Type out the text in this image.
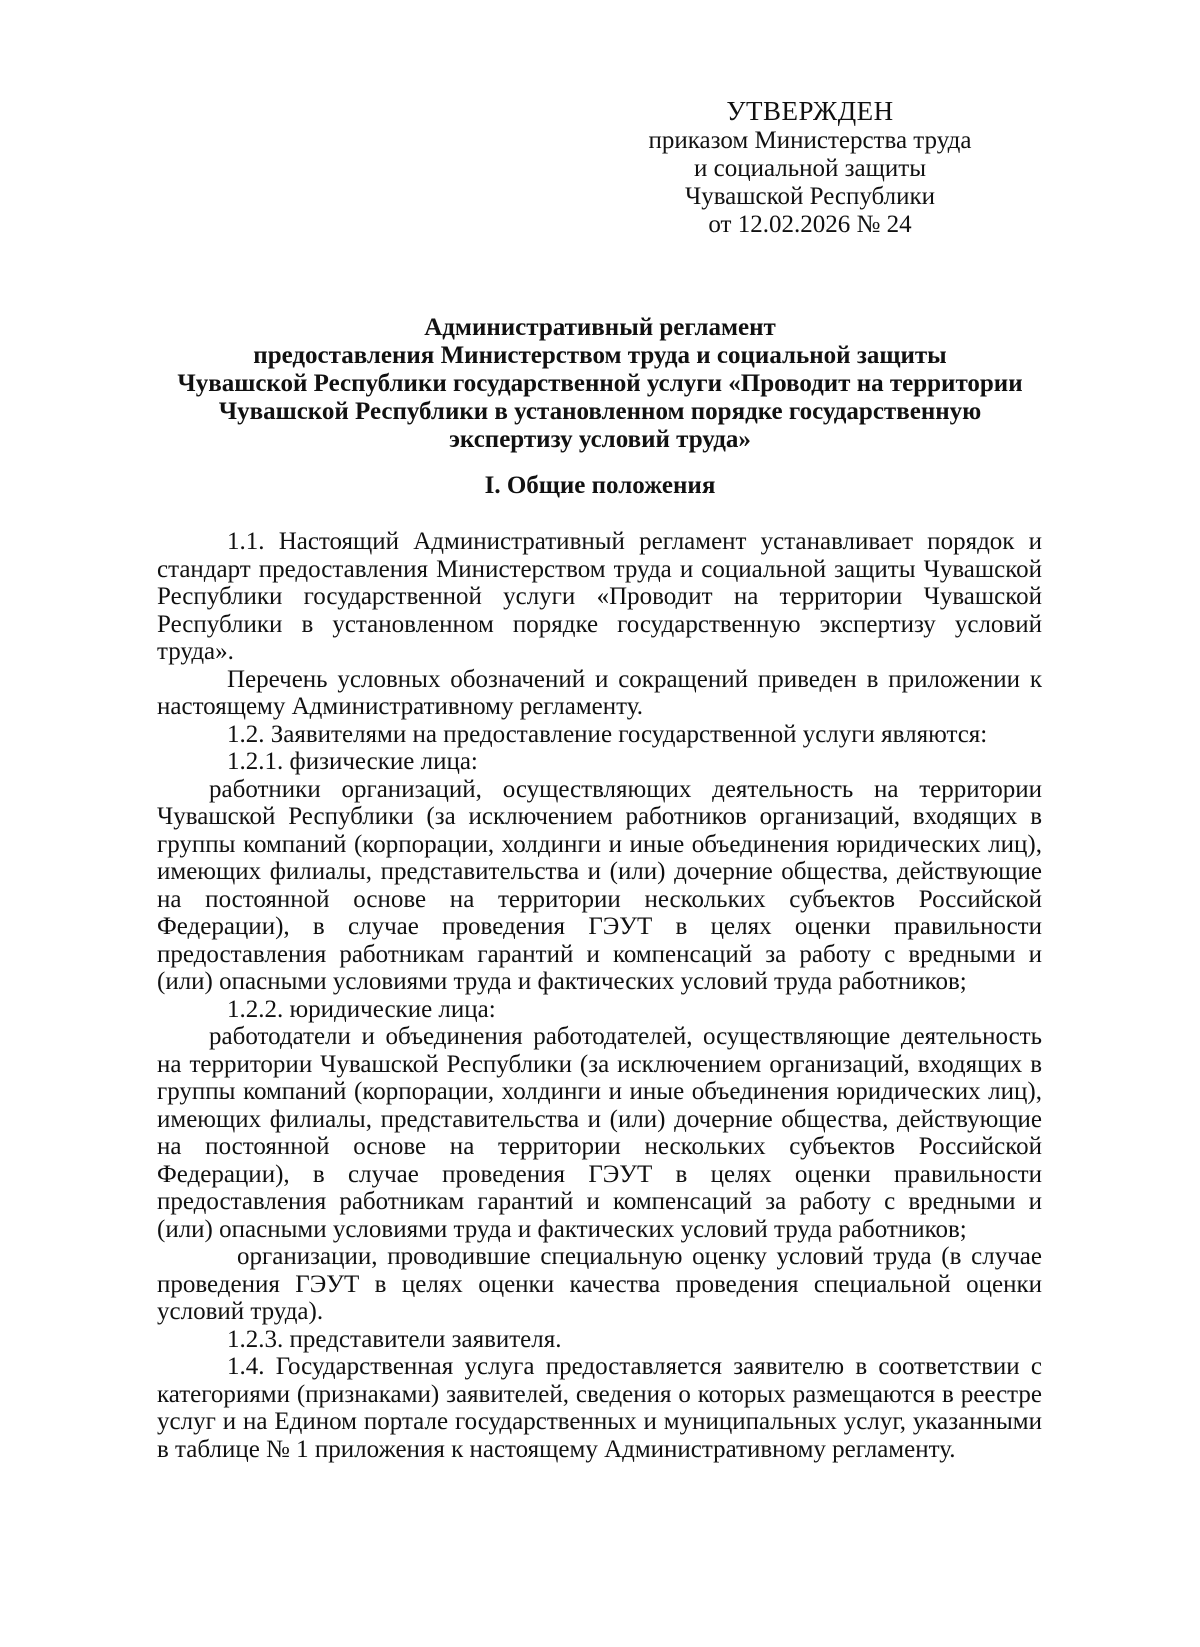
УТВЕРЖДЕН
приказом Министерства труда
и социальной защиты
Чувашской Республики
от 12.02.2026 № 24
Административный регламент
предоставления Министерством труда и социальной защиты
Чувашской Республики государственной услуги «Проводит на территории
Чувашской Республики в установленном порядке государственную
экспертизу условий труда»
I. Общие положения

1.1. Настоящий Административный регламент устанавливает порядок и стандарт предоставления Министерством труда и социальной защиты Чувашской Республики государственной услуги «Проводит на территории Чувашской Республики в установленном порядке государственную экспертизу условий труда».

Перечень условных обозначений и сокращений приведен в приложении к настоящему Административному регламенту.

1.2. Заявителями на предоставление государственной услуги являются:

1.2.1. физические лица:

работники организаций, осуществляющих деятельность на территории Чувашской Республики (за исключением работников организаций, входящих в группы компаний (корпорации, холдинги и иные объединения юридических лиц), имеющих филиалы, представительства и (или) дочерние общества, действующие на постоянной основе на территории нескольких субъектов Российской Федерации), в случае проведения ГЭУТ в целях оценки правильности предоставления работникам гарантий и компенсаций за работу с вредными и (или) опасными условиями труда и фактических условий труда работников;

1.2.2. юридические лица:

работодатели и объединения работодателей, осуществляющие деятельность на территории Чувашской Республики (за исключением организаций, входящих в группы компаний (корпорации, холдинги и иные объединения юридических лиц), имеющих филиалы, представительства и (или) дочерние общества, действующие на постоянной основе на территории нескольких субъектов Российской Федерации), в случае проведения ГЭУТ в целях оценки правильности предоставления работникам гарантий и компенсаций за работу с вредными и (или) опасными условиями труда и фактических условий труда работников;

организации, проводившие специальную оценку условий труда (в случае проведения ГЭУТ в целях оценки качества проведения специальной оценки условий труда).

1.2.3. представители заявителя.

1.4. Государственная услуга предоставляется заявителю в соответствии с категориями (признаками) заявителей, сведения о которых размещаются в реестре услуг и на Едином портале государственных и муниципальных услуг, указанными в таблице № 1 приложения к настоящему Административному регламенту.
